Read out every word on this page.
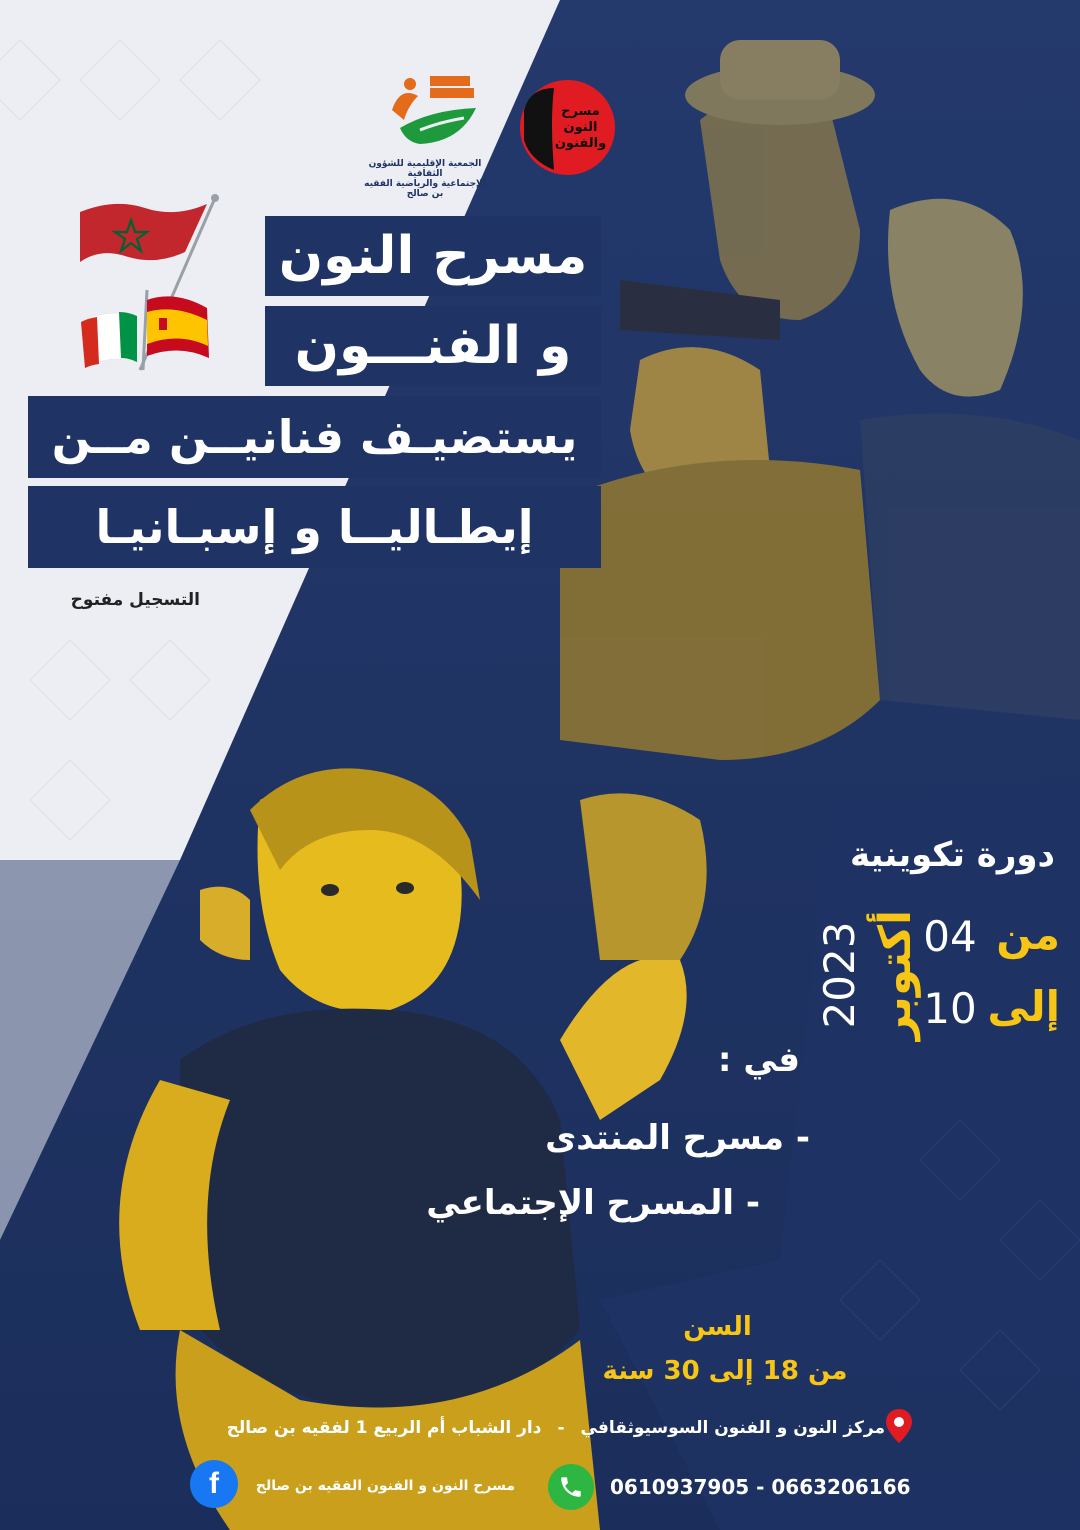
الجمعية الإقليمية للشؤون الثقافية
الإجتماعية والرياضية الفقيه بن صالح
مسرح النون والفنون
مسرح النون
و الفنـــون
يستضيـف فنانيــن مــن
إيطـاليــا و إسبـانيـا
التسجيل مفتوح
دورة تكوينية
من
04
إلى
10
أكتوبر
2023
في :
- مسرح المنتدى
- المسرح الإجتماعي
السن
من 18 إلى 30 سنة
مركز النون و الفنون السوسيوثقافي
-
دار الشباب أم الربيع 1 لفقيه بن صالح
0610937905 - 0663206166
f	مسرح النون و الفنون الفقيه بن صالح
